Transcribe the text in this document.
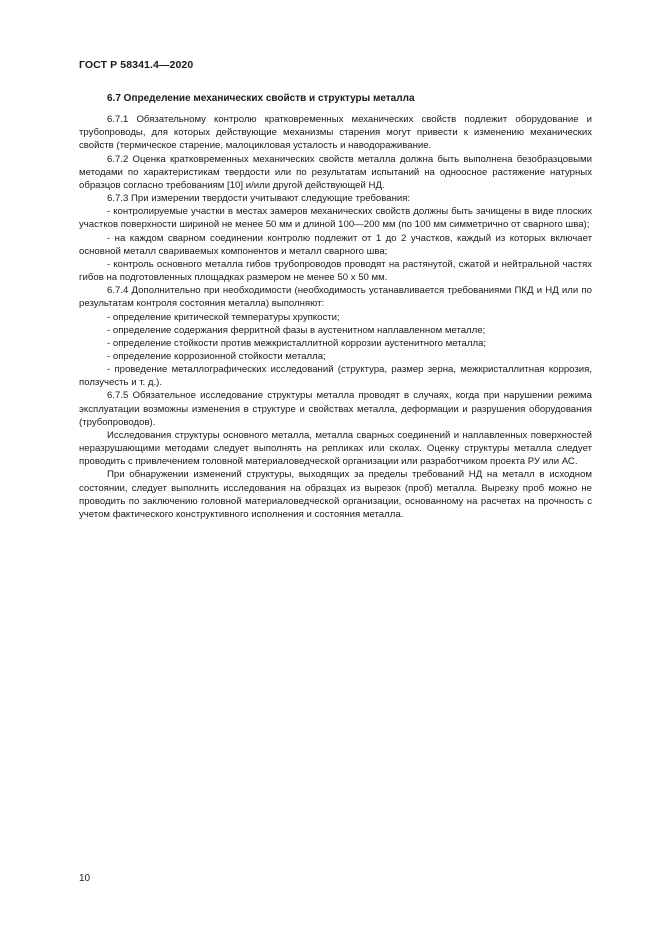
ГОСТ Р 58341.4—2020

6.7 Определение механических свойств и структуры металла

6.7.1 Обязательному контролю кратковременных механических свойств подлежит оборудование и трубопроводы, для которых действующие механизмы старения могут привести к изменению механических свойств (термическое старение, малоцикловая усталость и наводораживание.

6.7.2 Оценка кратковременных механических свойств металла должна быть выполнена безобразцовыми методами по характеристикам твердости или по результатам испытаний на одноосное растяжение натурных образцов согласно требованиям [10] и/или другой действующей НД.

6.7.3 При измерении твердости учитывают следующие требования:

- контролируемые участки в местах замеров механических свойств должны быть зачищены в виде плоских участков поверхности шириной не менее 50 мм и длиной 100—200 мм (по 100 мм симметрично от сварного шва);

- на каждом сварном соединении контролю подлежит от 1 до 2 участков, каждый из которых включает основной металл свариваемых компонентов и металл сварного шва;

- контроль основного металла гибов трубопроводов проводят на растянутой, сжатой и нейтральной частях гибов на подготовленных площадках размером не менее 50 х 50 мм.

6.7.4 Дополнительно при необходимости (необходимость устанавливается требованиями ПКД и НД или по результатам контроля состояния металла) выполняют:

- определение критической температуры хрупкости;

- определение содержания ферритной фазы в аустенитном наплавленном металле;

- определение стойкости против межкристаллитной коррозии аустенитного металла;

- определение коррозионной стойкости металла;

- проведение металлографических исследований (структура, размер зерна, межкристаллитная коррозия, ползучесть и т. д.).

6.7.5 Обязательное исследование структуры металла проводят в случаях, когда при нарушении режима эксплуатации возможны изменения в структуре и свойствах металла, деформации и разрушения оборудования (трубопроводов).

Исследования структуры основного металла, металла сварных соединений и наплавленных поверхностей неразрушающими методами следует выполнять на репликах или сколах. Оценку структуры металла следует проводить с привлечением головной материаловедческой организации или разработчиком проекта РУ или АС.

При обнаружении изменений структуры, выходящих за пределы требований НД на металл в исходном состоянии, следует выполнить исследования на образцах из вырезок (проб) металла. Вырезку проб можно не проводить по заключению головной материаловедческой организации, основанному на расчетах на прочность с учетом фактического конструктивного исполнения и состояния металла.

10
